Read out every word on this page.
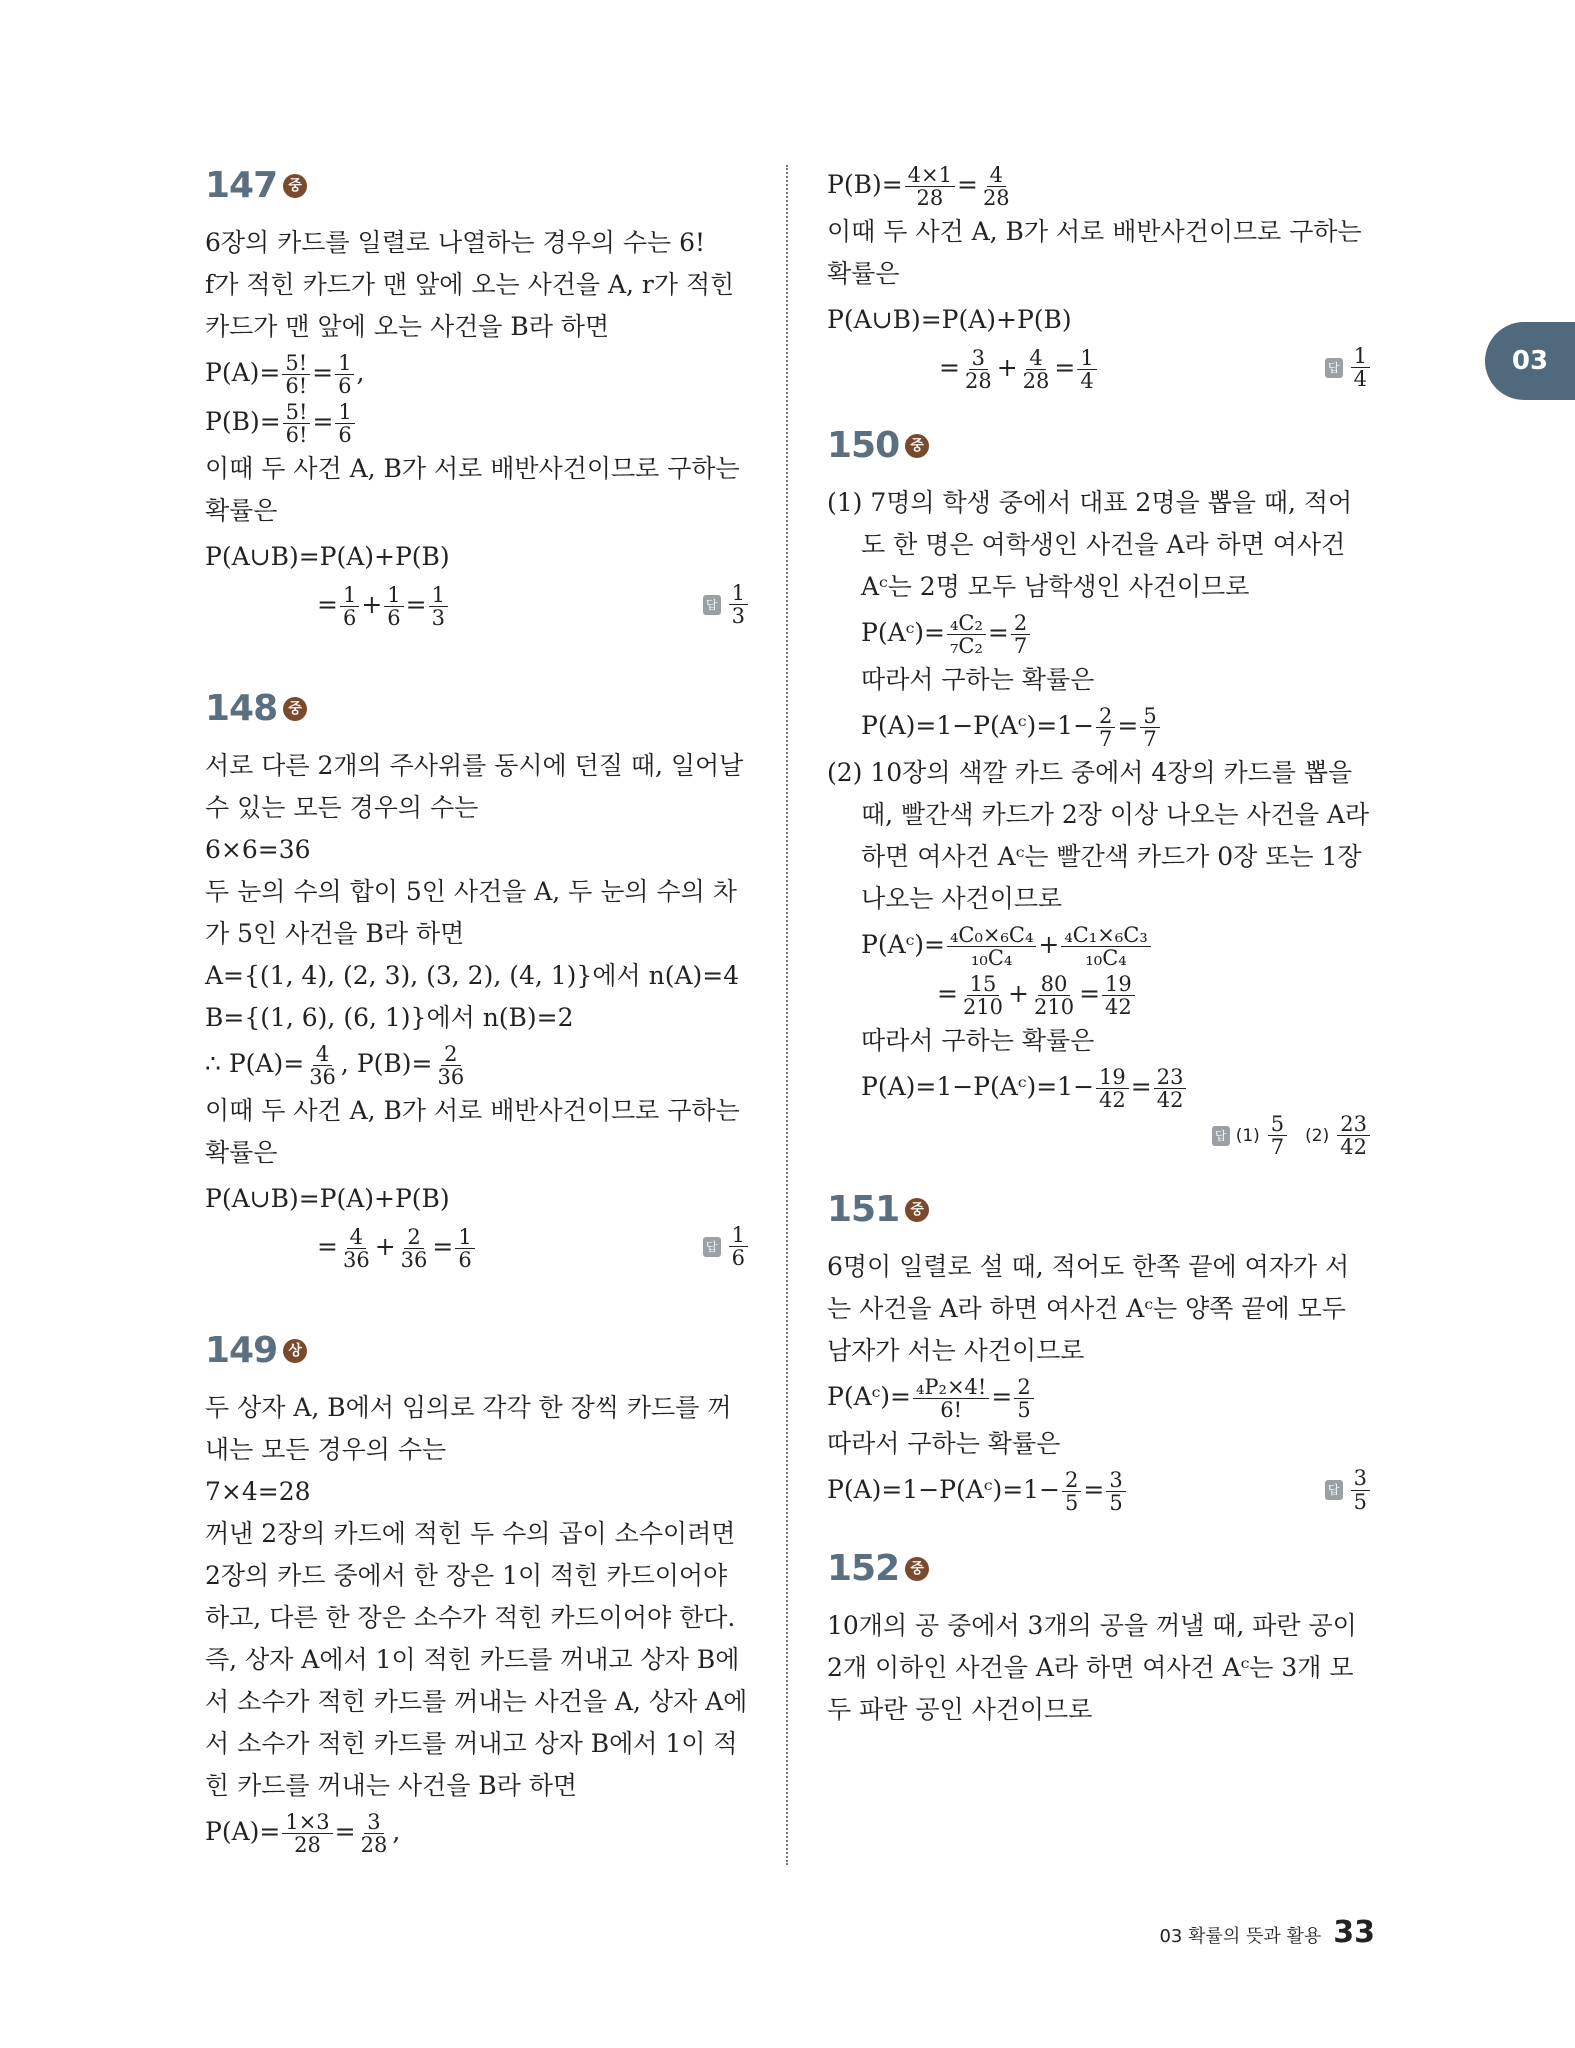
03
147 중

6장의 카드를 일렬로 나열하는 경우의 수는 6!

f가 적힌 카드가 맨 앞에 오는 사건을 A, r가 적힌 카드가 맨 앞에 오는 사건을 B라 하면

$P(A)= \frac{5!}{6!} = \frac{1}{6}$ ,
$P(B)= \frac{5!}{6!} = \frac{1}{6}$

이때 두 사건 A, B가 서로 배반사건이므로 구하는 확률은

P(A∪B)=P(A)+P(B)
= $\frac{1}{6} + \frac{1}{6} = \frac{1}{3}$	답 $\frac{1}{3}$
148 중

서로 다른 2개의 주사위를 동시에 던질 때, 일어날 수 있는 모든 경우의 수는

6×6=36

두 눈의 수의 합이 5인 사건을 A, 두 눈의 수의 차가 5인 사건을 B라 하면

A={(1, 4), (2, 3), (3, 2), (4, 1)}에서 n(A)=4

B={(1, 6), (6, 1)}에서 n(B)=2

∴ $P(A)= \frac{4}{36}$ , $P(B)= \frac{2}{36}$

이때 두 사건 A, B가 서로 배반사건이므로 구하는 확률은

P(A∪B)=P(A)+P(B)
= $\frac{4}{36} + \frac{2}{36} = \frac{1}{6}$	답 $\frac{1}{6}$
149 상

두 상자 A, B에서 임의로 각각 한 장씩 카드를 꺼내는 모든 경우의 수는

7×4=28

꺼낸 2장의 카드에 적힌 두 수의 곱이 소수이려면 2장의 카드 중에서 한 장은 1이 적힌 카드이어야 하고, 다른 한 장은 소수가 적힌 카드이어야 한다.

즉, 상자 A에서 1이 적힌 카드를 꺼내고 상자 B에서 소수가 적힌 카드를 꺼내는 사건을 A, 상자 A에서 소수가 적힌 카드를 꺼내고 상자 B에서 1이 적힌 카드를 꺼내는 사건을 B라 하면

$P(A)= \frac{1\times 3}{28} = \frac{3}{28}$ ,
$P(B)= \frac{4\times 1}{28} = \frac{4}{28}$

이때 두 사건 A, B가 서로 배반사건이므로 구하는 확률은

P(A∪B)=P(A)+P(B)
= $\frac{3}{28} + \frac{4}{28} = \frac{1}{4}$	답 $\frac{1}{4}$
150 중

(1) 7명의 학생 중에서 대표 2명을 뽑을 때, 적어도 한 명은 여학생인 사건을 A라 하면 여사건 Aᶜ는 2명 모두 남학생인 사건이므로

P(Aᶜ)= $\frac{\text{₄C₂}}{\text{₇C₂}} = \frac{2}{7}$

따라서 구하는 확률은

P(A)=1−P(Aᶜ)=1− $\frac{2}{7} = \frac{5}{7}$

(2) 10장의 색깔 카드 중에서 4장의 카드를 뽑을 때, 빨간색 카드가 2장 이상 나오는 사건을 A라 하면 여사건 Aᶜ는 빨간색 카드가 0장 또는 1장 나오는 사건이므로

P(Aᶜ)= $\frac{\text{₄C₀×₆C₄}}{\text{₁₀C₄}} + \frac{\text{₄C₁×₆C₃}}{\text{₁₀C₄}}$
= $\frac{15}{210} + \frac{80}{210} = \frac{19}{42}$

따라서 구하는 확률은

P(A)=1−P(Aᶜ)=1− $\frac{19}{42} = \frac{23}{42}$
답 $(1) \frac{5}{7} (2) \frac{23}{42}$
151 중

6명이 일렬로 설 때, 적어도 한쪽 끝에 여자가 서는 사건을 A라 하면 여사건 Aᶜ는 양쪽 끝에 모두 남자가 서는 사건이므로

P(Aᶜ)= $\frac{\text{₄P₂×4!}}{6!} = \frac{2}{5}$

따라서 구하는 확률은

P(A)=1−P(Aᶜ)=1− $\frac{2}{5} = \frac{3}{5}$	답 $\frac{3}{5}$
152 중

10개의 공 중에서 3개의 공을 꺼낼 때, 파란 공이 2개 이하인 사건을 A라 하면 여사건 Aᶜ는 3개 모두 파란 공인 사건이므로

03 확률의 뜻과 활용 33
